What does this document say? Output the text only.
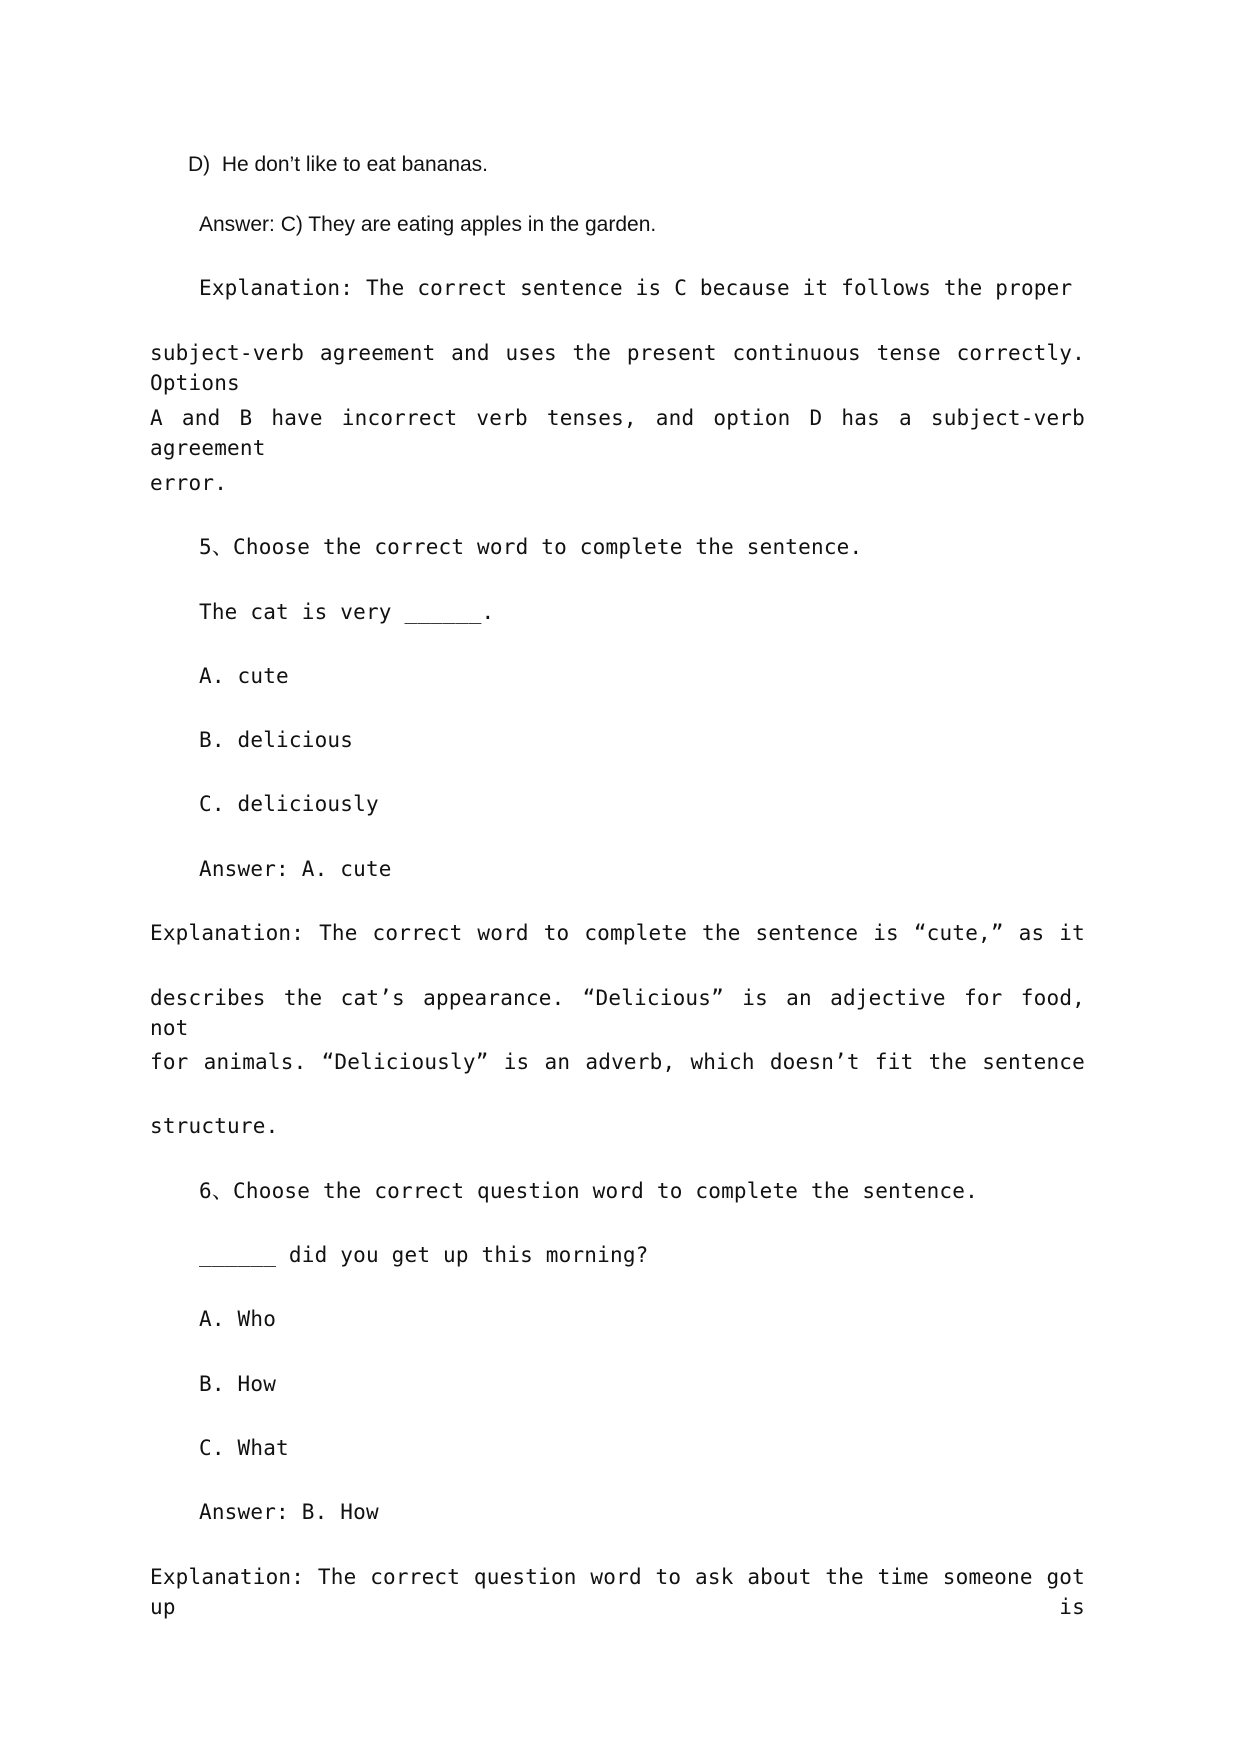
D)  He don’t like to eat bananas.

Answer: C) They are eating apples in the garden.

Explanation: The correct sentence is C because it follows the proper

subject-verb agreement and uses the present continuous tense correctly. Options

A and B have incorrect verb tenses, and option D has a subject-verb agreement

error.

5、Choose the correct word to complete the sentence.

The cat is very ______.

A. cute

B. delicious

C. deliciously

Answer: A. cute

Explanation: The correct word to complete the sentence is “cute,” as it

describes the cat’s appearance. “Delicious” is an adjective for food, not

for animals. “Deliciously” is an adverb, which doesn’t fit the sentence

structure.

6、Choose the correct question word to complete the sentence.

______ did you get up this morning?

A. Who

B. How

C. What

Answer: B. How

Explanation: The correct question word to ask about the time someone got up is
